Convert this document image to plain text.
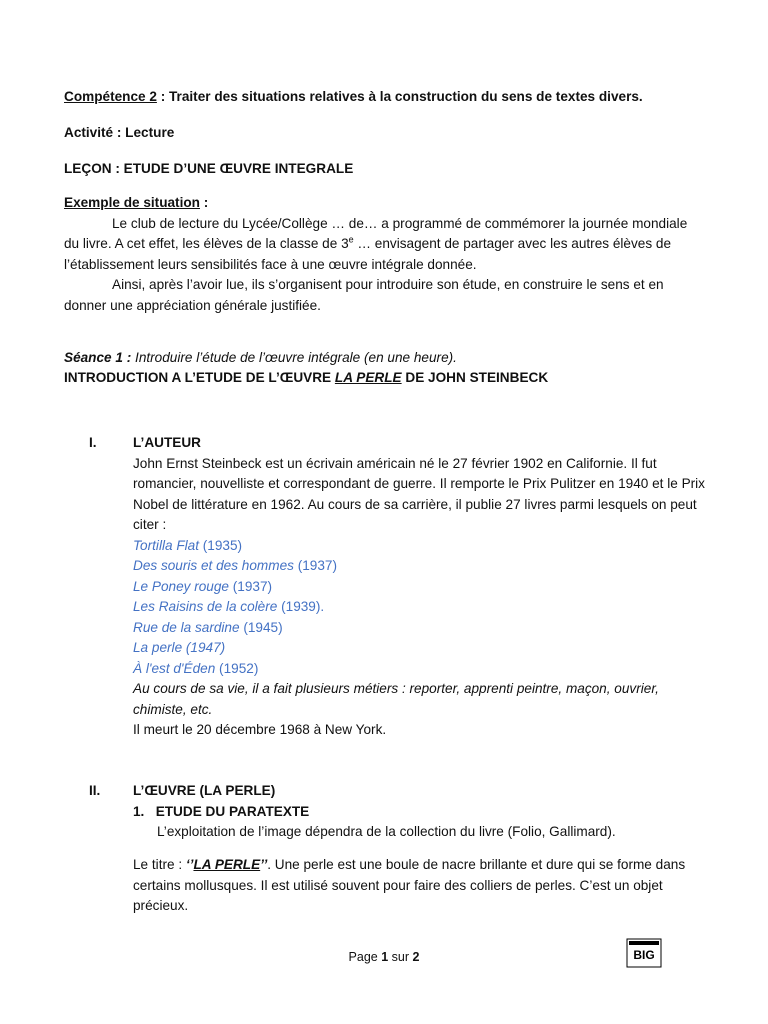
Compétence 2 : Traiter des situations relatives à la construction du sens de textes divers.

Activité : Lecture

LEÇON : ETUDE D’UNE ŒUVRE INTEGRALE

Exemple de situation :

Le club de lecture du Lycée/Collège … de… a programmé de commémorer la journée mondiale du livre. A cet effet, les élèves de la classe de 3e … envisagent de partager avec les autres élèves de l’établissement leurs sensibilités face à une œuvre intégrale donnée.

Ainsi, après l’avoir lue, ils s’organisent pour introduire son étude, en construire le sens et en donner une appréciation générale justifiée.

Séance 1 : Introduire l’étude de l’œuvre intégrale (en une heure).

INTRODUCTION A L’ETUDE DE L’ŒUVRE LA PERLE DE JOHN STEINBECK

I.	L’AUTEUR

John Ernst Steinbeck est un écrivain américain né le 27 février 1902 en Californie. Il fut romancier, nouvelliste et correspondant de guerre. Il remporte le Prix Pulitzer en 1940 et le Prix Nobel de littérature en 1962. Au cours de sa carrière, il publie 27 livres parmi lesquels on peut citer :

Tortilla Flat (1935)

Des souris et des hommes (1937)

Le Poney rouge (1937)

Les Raisins de la colère (1939).

Rue de la sardine (1945)

La perle (1947)

À l'est d'Éden (1952)

Au cours de sa vie, il a fait plusieurs métiers : reporter, apprenti peintre, maçon, ouvrier, chimiste, etc.

Il meurt le 20 décembre 1968 à New York.

II. L’ŒUVRE (LA PERLE)

1. ETUDE DU PARATEXTE

L’exploitation de l’image dépendra de la collection du livre (Folio, Gallimard).

Le titre : ‘’LA PERLE’’. Une perle est une boule de nacre brillante et dure qui se forme dans certains mollusques. Il est utilisé souvent pour faire des colliers de perles. C’est un objet précieux.

Page 1 sur 2	BIG
